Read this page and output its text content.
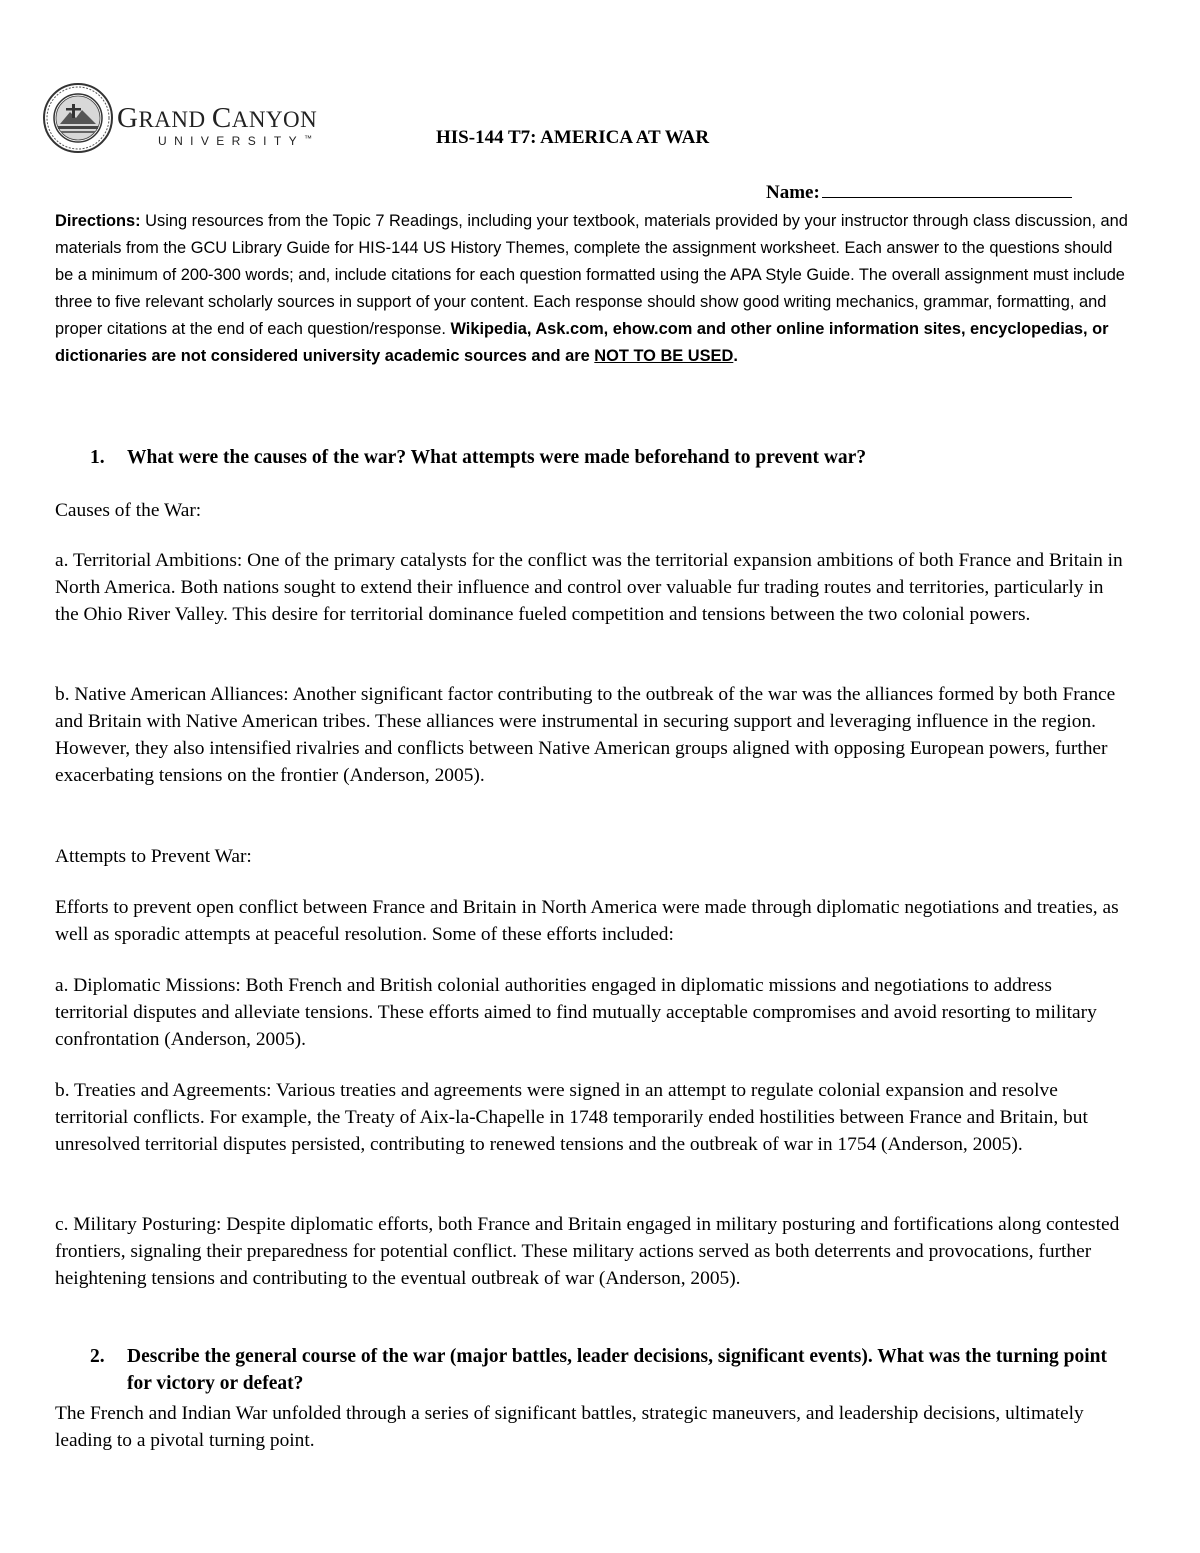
GRAND CANYON
UNIVERSITY™	HIS-144 T7: AMERICA AT WAR
Name:
Directions: Using resources from the Topic 7 Readings, including your textbook, materials provided by your instructor through class discussion, and materials from the GCU Library Guide for HIS-144 US History Themes, complete the assignment worksheet. Each answer to the questions should be a minimum of 200-300 words; and, include citations for each question formatted using the APA Style Guide. The overall assignment must include three to five relevant scholarly sources in support of your content. Each response should show good writing mechanics, grammar, formatting, and proper citations at the end of each question/response. Wikipedia, Ask.com, ehow.com and other online information sites, encyclopedias, or dictionaries are not considered university academic sources and are NOT TO BE USED.
1. What were the causes of the war? What attempts were made beforehand to prevent war?
Causes of the War:
a. Territorial Ambitions: One of the primary catalysts for the conflict was the territorial expansion ambitions of both France and Britain in North America. Both nations sought to extend their influence and control over valuable fur trading routes and territories, particularly in the Ohio River Valley. This desire for territorial dominance fueled competition and tensions between the two colonial powers.
b. Native American Alliances: Another significant factor contributing to the outbreak of the war was the alliances formed by both France and Britain with Native American tribes. These alliances were instrumental in securing support and leveraging influence in the region. However, they also intensified rivalries and conflicts between Native American groups aligned with opposing European powers, further exacerbating tensions on the frontier (Anderson, 2005).
Attempts to Prevent War:
Efforts to prevent open conflict between France and Britain in North America were made through diplomatic negotiations and treaties, as well as sporadic attempts at peaceful resolution. Some of these efforts included:
a. Diplomatic Missions: Both French and British colonial authorities engaged in diplomatic missions and negotiations to address territorial disputes and alleviate tensions. These efforts aimed to find mutually acceptable compromises and avoid resorting to military confrontation (Anderson, 2005).
b. Treaties and Agreements: Various treaties and agreements were signed in an attempt to regulate colonial expansion and resolve territorial conflicts. For example, the Treaty of Aix-la-Chapelle in 1748 temporarily ended hostilities between France and Britain, but unresolved territorial disputes persisted, contributing to renewed tensions and the outbreak of war in 1754 (Anderson, 2005).
c. Military Posturing: Despite diplomatic efforts, both France and Britain engaged in military posturing and fortifications along contested frontiers, signaling their preparedness for potential conflict. These military actions served as both deterrents and provocations, further heightening tensions and contributing to the eventual outbreak of war (Anderson, 2005).
2. Describe the general course of the war (major battles, leader decisions, significant events). What was the turning point for victory or defeat?
The French and Indian War unfolded through a series of significant battles, strategic maneuvers, and leadership decisions, ultimately leading to a pivotal turning point.
